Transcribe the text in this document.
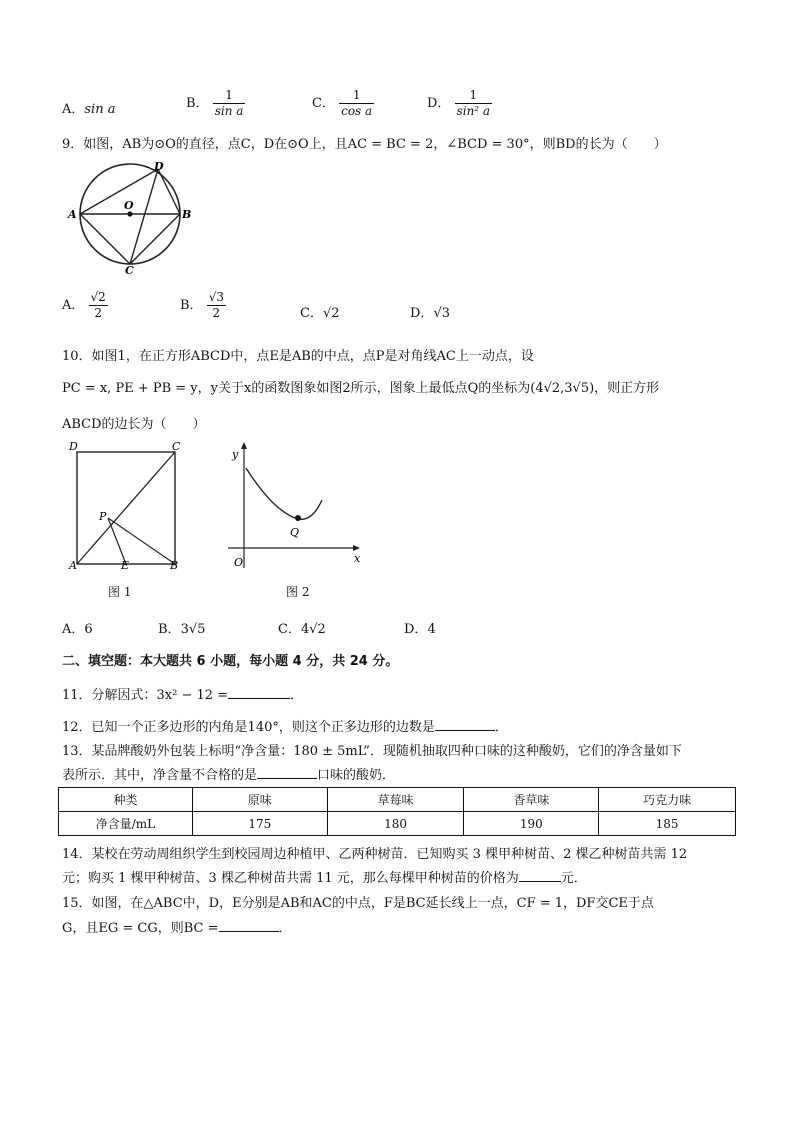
A．sin a	B． $\frac{1}{\text{sin a}}$	C． $\frac{1}{\text{cos a}}$	D． $\frac{1}{\text{sin² a}}$
9．如图，AB为⊙O的直径，点C，D在⊙O上，且AC = BC = 2，∠BCD = 30°，则BD的长为（　　）
A	B
C
D
O
A． $\frac{√2}{2}$	B． $\frac{√3}{2}$	C．√2	D．√3
10．如图1，在正方形ABCD中，点E是AB的中点，点P是对角线AC上一动点，设
PC = x, PE + PB = y，y关于x的函数图象如图2所示，图象上最低点Q的坐标为(4√2,3√5)，则正方形
ABCD的边长为（　　）
D	C
A	B
E
P
图 1
y
x
O
Q
图 2
A．6	B．3√5	C．4√2	D．4
二、填空题：本大题共 6 小题，每小题 4 分，共 24 分。
11．分解因式：3x² − 12 =	．
12．已知一个正多边形的内角是140°，则这个正多边形的边数是	．
13．某品牌酸奶外包装上标明“净含量：180 ± 5mL”．现随机抽取四种口味的这种酸奶，它们的净含量如下
表所示．其中，净含量不合格的是	口味的酸奶．
种类	原味	草莓味	香草味	巧克力味
净含量/mL	175	180	190	185
14．某校在劳动周组织学生到校园周边种植甲、乙两种树苗．已知购买 3 棵甲种树苗、2 棵乙种树苗共需 12
元；购买 1 棵甲种树苗、3 棵乙种树苗共需 11 元，那么每棵甲种树苗的价格为	元．
15．如图，在△ABC中，D，E分别是AB和AC的中点，F是BC延长线上一点，CF = 1，DF交CE于点
G，且EG = CG，则BC =	．
